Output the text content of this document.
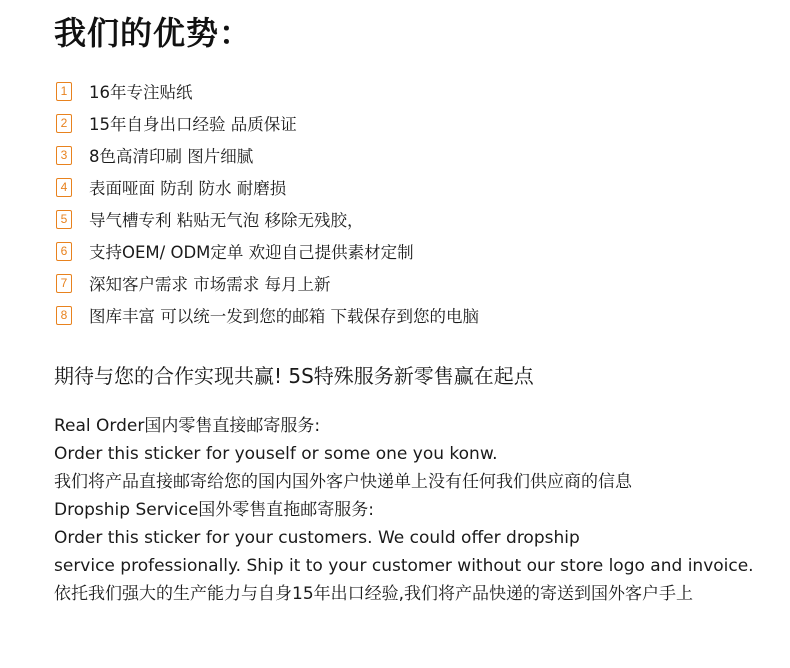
我们的优势：
1 16年专注贴纸
2 15年自身出口经验 品质保证
3 8色高清印刷 图片细腻
4 表面哑面 防刮 防水 耐磨损
5 导气槽专利 粘贴无气泡 移除无残胶，
6 支持OEM/ ODM定单 欢迎自己提供素材定制
7 深知客户需求 市场需求 每月上新
8 图库丰富 可以统一发到您的邮箱 下载保存到您的电脑
期待与您的合作实现共赢! 5S特殊服务新零售赢在起点
Real Order国内零售直接邮寄服务:
Order this sticker for youself or some one you konw.
我们将产品直接邮寄给您的国内国外客户快递单上没有任何我们供应商的信息
Dropship Service国外零售直拖邮寄服务:
Order this sticker for your customers. We could offer dropship
service professionally. Ship it to your customer without our store logo and invoice.
依托我们强大的生产能力与自身15年出口经验,我们将产品快递的寄送到国外客户手上
